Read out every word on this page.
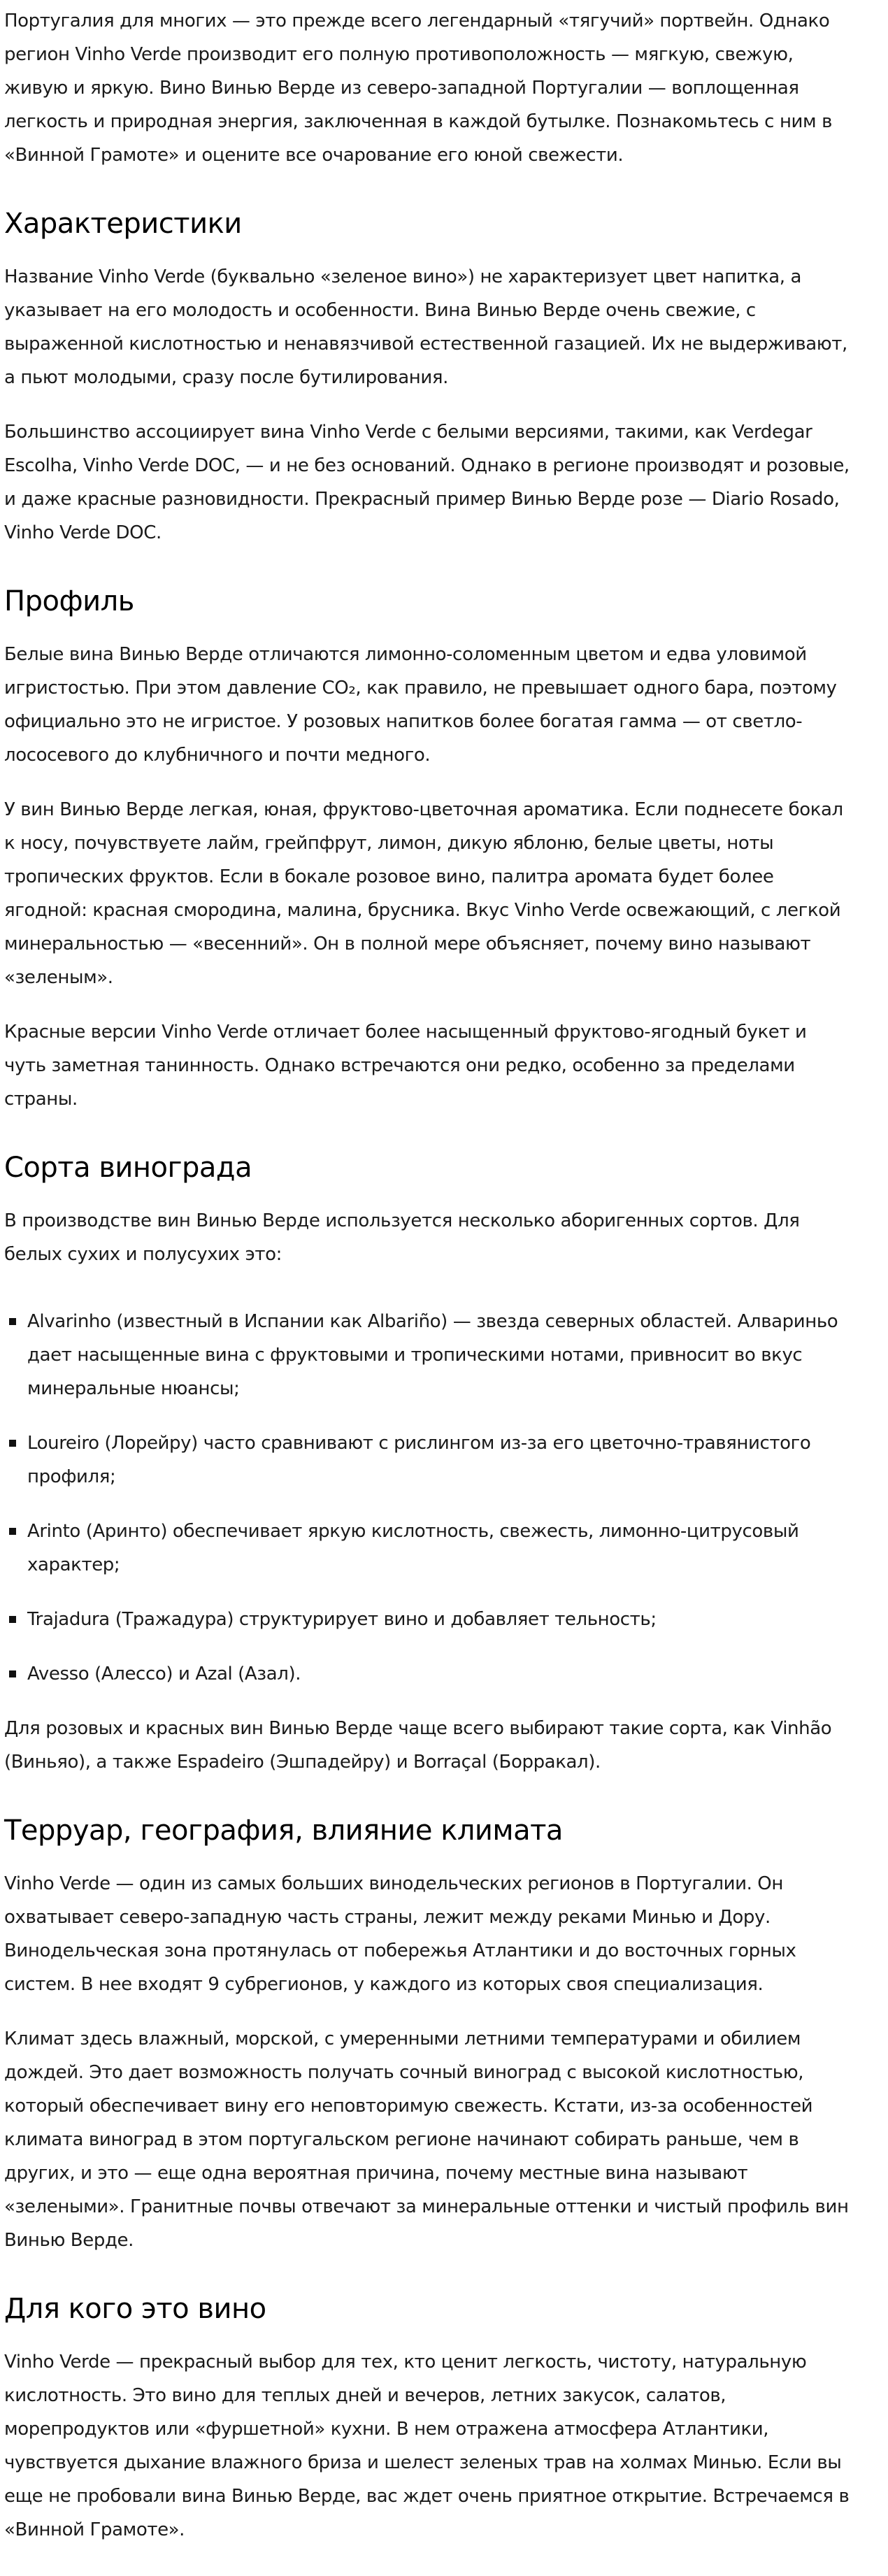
Португалия для многих — это прежде всего легендарный «тягучий» портвейн. Однако регион Vinho Verde производит его полную противоположность — мягкую, свежую, живую и яркую. Вино Винью Верде из северо-западной Португалии — воплощенная легкость и природная энергия, заключенная в каждой бутылке. Познакомьтесь с ним в «Винной Грамоте» и оцените все очарование его юной свежести.

Характеристики

Название Vinho Verde (буквально «зеленое вино») не характеризует цвет напитка, а указывает на его молодость и особенности. Вина Винью Верде очень свежие, с выраженной кислотностью и ненавязчивой естественной газацией. Их не выдерживают, а пьют молодыми, сразу после бутилирования.

Большинство ассоциирует вина Vinho Verde с белыми версиями, такими, как Verdegar Escolha, Vinho Verde DOC, — и не без оснований. Однако в регионе производят и розовые, и даже красные разновидности. Прекрасный пример Винью Верде розе — Diario Rosado, Vinho Verde DOC.

Профиль

Белые вина Винью Верде отличаются лимонно-соломенным цветом и едва уловимой игристостью. При этом давление CO₂, как правило, не превышает одного бара, поэтому официально это не игристое. У розовых напитков более богатая гамма — от светло-лососевого до клубничного и почти медного.

У вин Винью Верде легкая, юная, фруктово-цветочная ароматика. Если поднесете бокал к носу, почувствуете лайм, грейпфрут, лимон, дикую яблоню, белые цветы, ноты тропических фруктов. Если в бокале розовое вино, палитра аромата будет более ягодной: красная смородина, малина, брусника. Вкус Vinho Verde освежающий, с легкой минеральностью — «весенний». Он в полной мере объясняет, почему вино называют «зеленым».

Красные версии Vinho Verde отличает более насыщенный фруктово-ягодный букет и чуть заметная танинность. Однако встречаются они редко, особенно за пределами страны.

Сорта винограда

В производстве вин Винью Верде используется несколько аборигенных сортов. Для белых сухих и полусухих это:

Alvarinho (известный в Испании как Albariño) — звезда северных областей. Алвариньо дает насыщенные вина с фруктовыми и тропическими нотами, привносит во вкус минеральные нюансы;
Loureiro (Лорейру) часто сравнивают с рислингом из-за его цветочно-травянистого профиля;
Arinto (Аринто) обеспечивает яркую кислотность, свежесть, лимонно-цитрусовый характер;
Trajadura (Тражадура) структурирует вино и добавляет тельность;
Avesso (Алессо) и Azal (Азал).

Для розовых и красных вин Винью Верде чаще всего выбирают такие сорта, как Vinhão (Виньяо), а также Espadeiro (Эшпадейру) и Borraçal (Борракал).

Терруар, география, влияние климата

Vinho Verde — один из самых больших винодельческих регионов в Португалии. Он охватывает северо-западную часть страны, лежит между реками Минью и Дору. Винодельческая зона протянулась от побережья Атлантики и до восточных горных систем. В нее входят 9 субрегионов, у каждого из которых своя специализация.

Климат здесь влажный, морской, с умеренными летними температурами и обилием дождей. Это дает возможность получать сочный виноград с высокой кислотностью, который обеспечивает вину его неповторимую свежесть. Кстати, из-за особенностей климата виноград в этом португальском регионе начинают собирать раньше, чем в других, и это — еще одна вероятная причина, почему местные вина называют «зелеными». Гранитные почвы отвечают за минеральные оттенки и чистый профиль вин Винью Верде.

Для кого это вино

Vinho Verde — прекрасный выбор для тех, кто ценит легкость, чистоту, натуральную кислотность. Это вино для теплых дней и вечеров, летних закусок, салатов, морепродуктов или «фуршетной» кухни. В нем отражена атмосфера Атлантики, чувствуется дыхание влажного бриза и шелест зеленых трав на холмах Минью. Если вы еще не пробовали вина Винью Верде, вас ждет очень приятное открытие. Встречаемся в «Винной Грамоте».
